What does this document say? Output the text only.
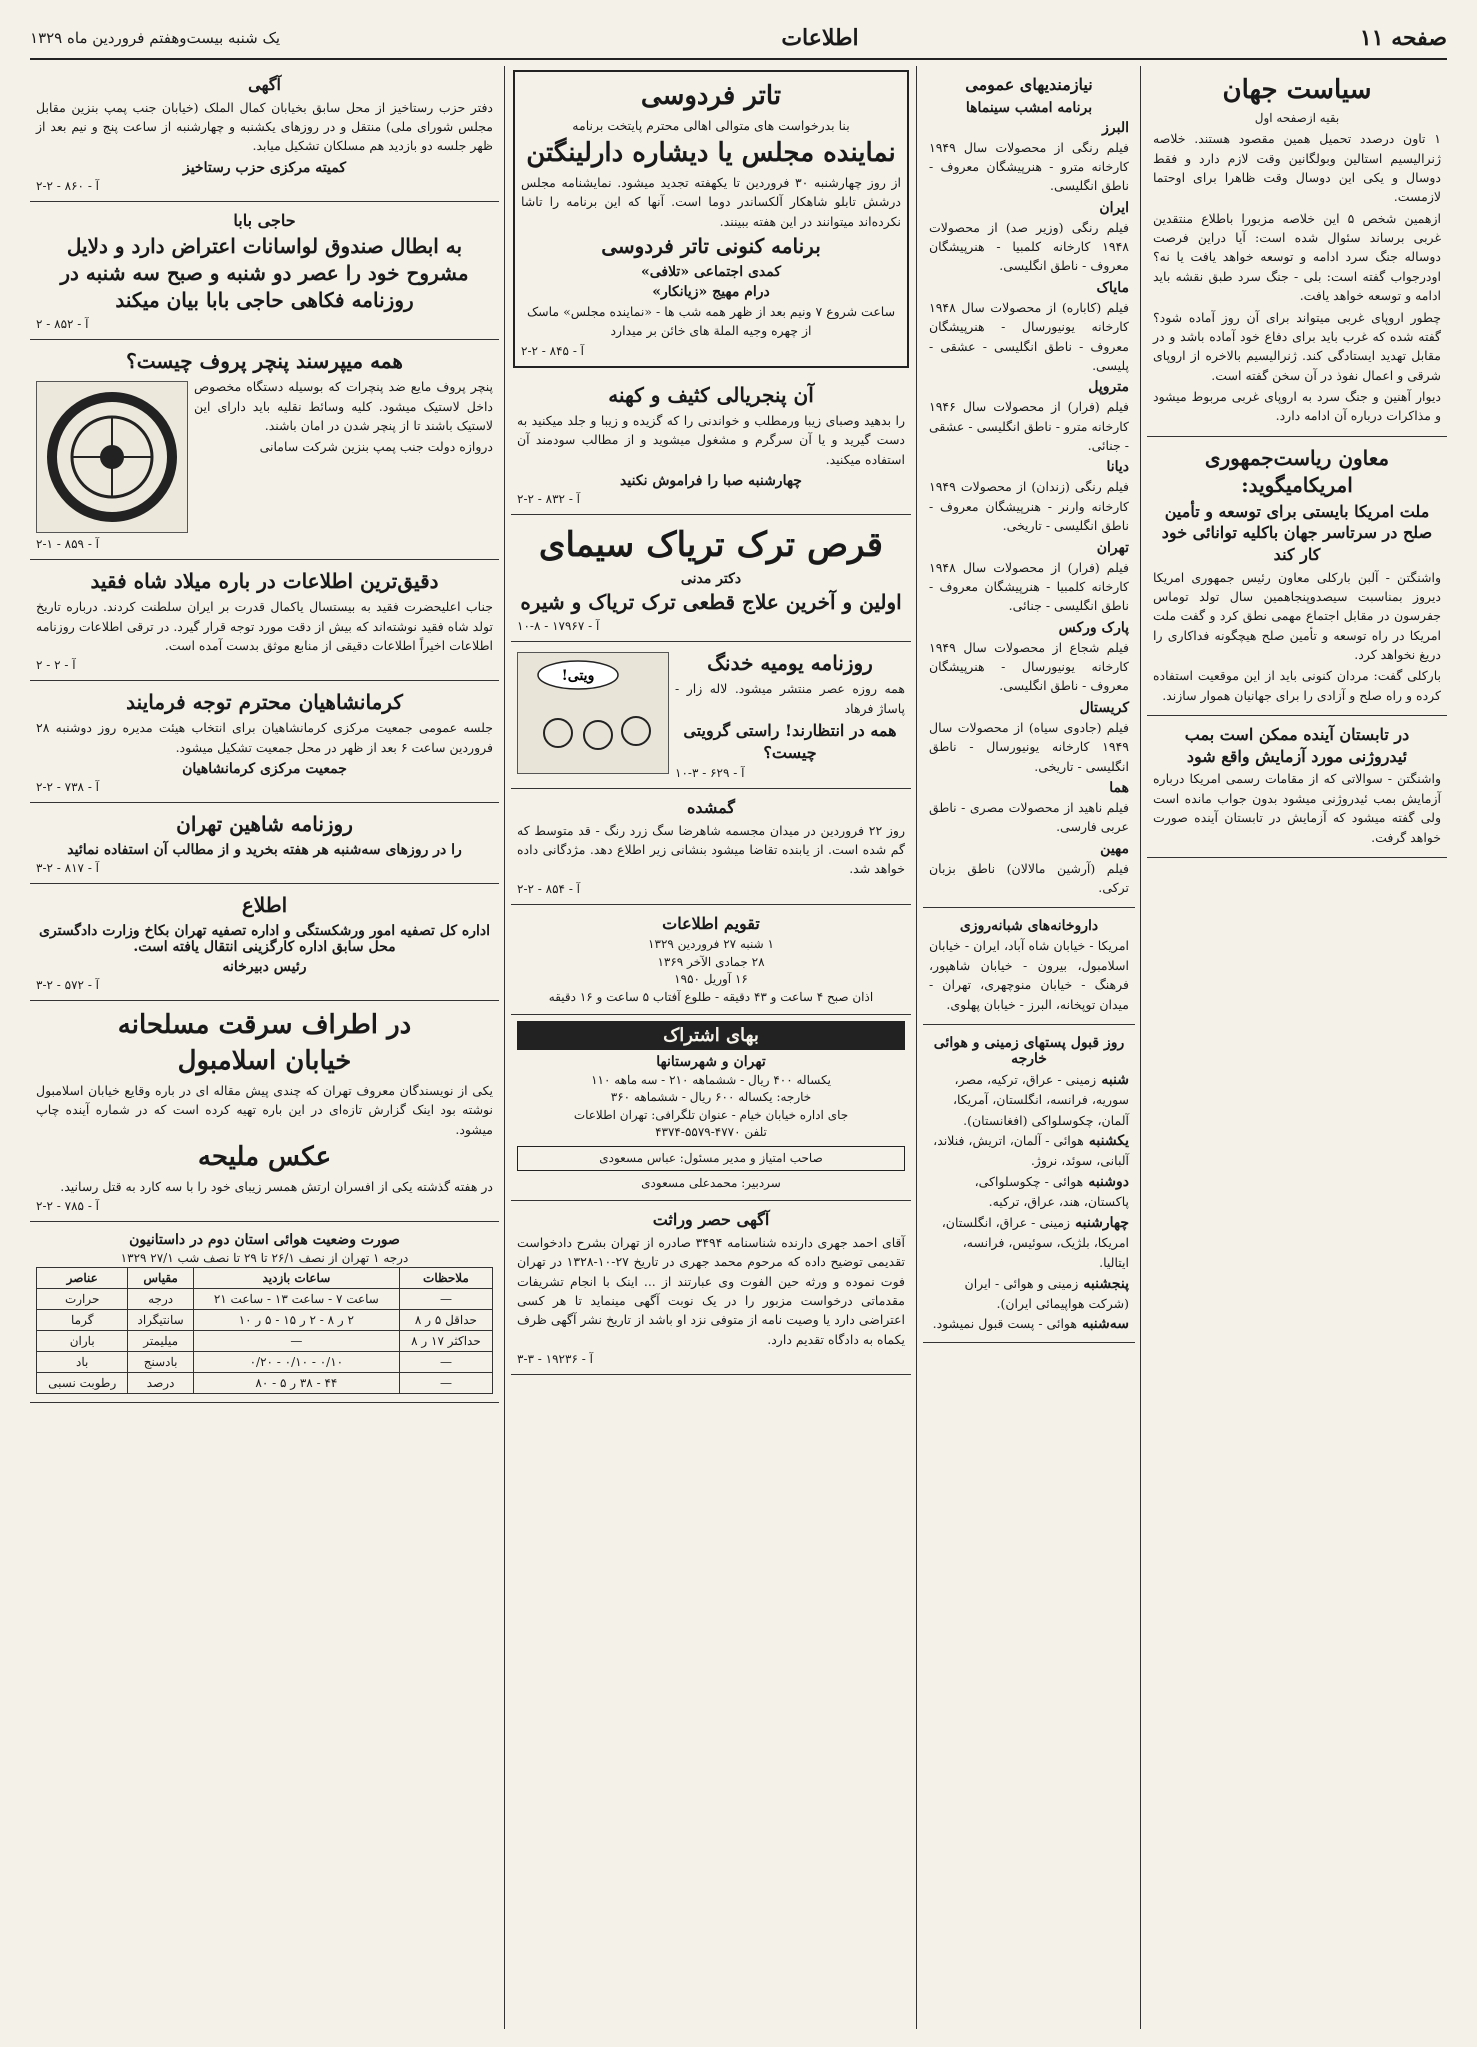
صفحه ۱۱
اطلاعات
یک شنبه بیست‌وهفتم فروردین ماه ۱۳۲۹
سیاست جهان
بقیه ازصفحه اول

۱ تاون درصدد تحمیل همین مقصود هستند. خلاصه ژنرالیسیم استالین وبولگانین وقت لازم دارد و فقط دوسال و یکی این دوسال وقت ظاهرا برای اوحتما لازمست.

ازهمین شخص ۵ این خلاصه مزبورا باطلاع منتقدین غربی برساند سئوال شده است: آیا دراین فرصت دوساله جنگ سرد ادامه و توسعه خواهد یافت یا نه؟ اودرجواب گفته است: بلی - جنگ سرد طبق نقشه باید ادامه و توسعه خواهد یافت.

چطور اروپای غربی میتواند برای آن روز آماده شود؟ گفته شده که غرب باید برای دفاع خود آماده باشد و در مقابل تهدید ایستادگی کند. ژنرالیسیم بالاخره از اروپای شرقی و اعمال نفوذ در آن سخن گفته است.

دیوار آهنین و جنگ سرد به اروپای غربی مربوط میشود و مذاکرات درباره آن ادامه دارد.

معاون ریاست‌جمهوری امریکامیگوید:
ملت امریکا بایستی برای توسعه و تأمین صلح در سرتاسر جهان باکلیه توانائی خود کار کند

واشنگتن - آلبن بارکلی معاون رئیس جمهوری امریکا دیروز بمناسبت سیصدوپنجاهمین سال تولد توماس جفرسون در مقابل اجتماع مهمی نطق کرد و گفت ملت امریکا در راه توسعه و تأمین صلح هیچگونه فداکاری را دریغ نخواهد کرد.

بارکلی گفت: مردان کنونی باید از این موقعیت استفاده کرده و راه صلح و آزادی را برای جهانیان هموار سازند.

در تابستان آینده ممکن است بمب ئیدروژنی مورد آزمایش واقع شود

واشنگتن - سوالاتی که از مقامات رسمی امریکا درباره آزمایش بمب ئیدروژنی میشود بدون جواب مانده است ولی گفته میشود که آزمایش در تابستان آینده صورت خواهد گرفت.

نیازمندیهای عمومی
برنامه امشب سینماها
البرز
فیلم‌ رنگی از محصولات سال ۱۹۴۹ کارخانه مترو - هنرپیشگان معروف - ناطق انگلیسی.
ایران
فیلم رنگی (وزیر صد) از محصولات ۱۹۴۸ کارخانه کلمبیا - هنرپیشگان معروف - ناطق انگلیسی.
مایاک
فیلم (کاباره) از محصولات سال ۱۹۴۸ کارخانه یونیورسال - هنرپیشگان معروف - ناطق انگلیسی - عشقی - پلیسی.
متروپل
فیلم (فرار) از محصولات سال ۱۹۴۶ کارخانه مترو - ناطق انگلیسی - عشقی - جنائی.
دیانا
فیلم رنگی (زندان) از محصولات ۱۹۴۹ کارخانه وارنر - هنرپیشگان معروف - ناطق انگلیسی - تاریخی.
تهران
فیلم (فرار) از محصولات سال ۱۹۴۸ کارخانه کلمبیا - هنرپیشگان معروف - ناطق انگلیسی - جنائی.
پارک ورکس
فیلم شجاع از محصولات سال ۱۹۴۹ کارخانه یونیورسال - هنرپیشگان معروف - ناطق انگلیسی.
کریستال
فیلم (جادوی سیاه) از محصولات سال ۱۹۴۹ کارخانه یونیورسال - ناطق انگلیسی - تاریخی.
هما
فیلم ناهید از محصولات مصری - ناطق عربی فارسی.
مهین
فیلم (آرشین مالالان) ناطق بزبان ترکی.
داروخانه‌های شبانه‌روزی
امریکا - خیابان شاه آباد، ایران - خیابان اسلامبول، بیرون - خیابان شاهپور، فرهنگ - خیابان منوچهری، تهران - میدان توپخانه، البرز - خیابان پهلوی.
روز قبول پستهای زمینی و هوائی خارجه
شنبه زمینی - عراق، ترکیه، مصر، سوریه، فرانسه، انگلستان، آمریکا، آلمان، چکوسلواکی (افغانستان).
یکشنبه هوائی - آلمان، اتریش، فنلاند، آلبانی، سوئد، نروژ.
دوشنبه هوائی - چکوسلواکی، پاکستان، هند، عراق، ترکیه.
چهارشنبه زمینی - عراق، انگلستان، امریکا، بلژیک، سوئیس، فرانسه، ایتالیا.
پنجشنبه زمینی و هوائی - ایران (شرکت هواپیمائی ایران).
سه‌شنبه هوائی - پست قبول نمیشود.
تاتر فردوسی
بنا بدرخواست های متوالی اهالی محترم پایتخت برنامه
نماینده مجلس یا دیشاره دارلینگتن
از روز چهارشنبه ۳۰ فروردین تا یکهفته تجدید میشود. نمایشنامه مجلس درشش تابلو شاهکار آلکساندر دوما است. آنها که این برنامه را تاشا نکرده‌اند میتوانند در این هفته ببینند.
برنامه کنونی تاتر فردوسی
کمدی اجتماعی «تلافی»
درام مهیج «زیانکار»
ساعت شروع ۷ ونیم بعد از ظهر همه شب ها - «نماینده مجلس» ماسک از چهره وجیه الملة های خائن بر میدارد
آ - ۸۴۵ - ۲-۲
آن پنجریالی کثیف و کهنه
را بدهید وصبای زیبا ورمطلب و خواندنی را که گزیده و زیبا و جلد میکنید به دست گیرید و یا آن سرگرم و مشغول میشوید و از مطالب سودمند آن استفاده میکنید.
چهارشنبه صبا را فراموش نکنید
آ - ۸۳۲ - ۲-۲
قرص ترک تریاک سیمای
دکتر مدنی
اولین و آخرین علاج قطعی ترک تریاک و شیره
آ - ۱۷۹۶۷ - ۸-۱۰
ویتی!
روزنامه یومیه خدنگ
همه روزه عصر منتشر میشود. لاله زار - پاساژ فرهاد
همه در انتظارند! راستی گرویتی چیست؟
آ - ۶۲۹ - ۳-۱۰
گمشده
روز ۲۲ فروردین در میدان مجسمه شاهرضا سگ زرد رنگ - قد متوسط که گم شده است. از یابنده تقاضا میشود بنشانی زیر اطلاع دهد. مژدگانی داده خواهد شد.
آ - ۸۵۴ - ۲-۲
تقویم اطلاعات
۱ شنبه ۲۷ فروردین ۱۳۲۹
۲۸ جمادی الآخر ۱۳۶۹
۱۶ آوریل ۱۹۵۰
اذان صبح ۴ ساعت و ۴۳ دقیقه - طلوع آفتاب ۵ ساعت و ۱۶ دقیقه
بهای اشتراک
تهران و شهرستانها
یکساله ۴۰۰ ریال - ششماهه ۲۱۰ - سه ماهه ۱۱۰
خارجه: یکساله ۶۰۰ ریال - ششماهه ۳۶۰
جای اداره خیابان خیام - عنوان تلگرافی: تهران اطلاعات
تلفن ۴۷۷۰-۵۵۷۹-۴۳۷۴
صاحب امتیاز و مدیر مسئول: عباس مسعودی
سردبیر: محمدعلی مسعودی
آگهی حصر وراثت
آقای احمد جهری دارنده شناسنامه ۳۴۹۴ صادره از تهران بشرح دادخواست تقدیمی توضیح داده که مرحوم محمد جهری در تاریخ ۲۷-۱۰-۱۳۲۸ در تهران فوت نموده و ورثه حین الفوت وی عبارتند از ... اینک با انجام تشریفات مقدماتی درخواست مزبور را در یک نوبت آگهی مینماید تا هر کسی اعتراضی دارد یا وصیت نامه از متوفی نزد او باشد از تاریخ نشر آگهی ظرف یکماه به دادگاه تقدیم دارد.
آ - ۱۹۲۳۶ - ۳-۳
آگهی
دفتر حزب رستاخیز از محل سابق بخیابان کمال الملک (خیابان جنب پمپ بنزین مقابل مجلس شورای ملی) منتقل و در روزهای یکشنبه و چهارشنبه از ساعت پنج و نیم بعد از ظهر جلسه دو بازدید هم مسلکان تشکیل میابد.
کمیته مرکزی حزب رستاخیز
آ - ۸۶۰ - ۲-۲
حاجی بابا
به ابطال صندوق لواسانات اعتراض دارد و دلایل مشروح خود را عصر دو شنبه و صبح سه شنبه در روزنامه فکاهی حاجی بابا بیان میکند
آ - ۸۵۲ - ۲
همه میپرسند پنچر پروف چیست؟
پنچر پروف مایع ضد پنچرات که بوسیله دستگاه مخصوص داخل لاستیک میشود. کلیه وسائط نقلیه باید دارای این لاستیک باشند تا از پنچر شدن در امان باشند.
دروازه دولت جنب پمپ بنزین شرکت سامانی
آ - ۸۵۹ - ۱-۲
دقیق‌ترین اطلاعات در باره میلاد شاه فقید
جناب اعلیحضرت فقید به بیستسال یاکمال قدرت بر ایران سلطنت کردند. درباره تاریخ تولد شاه فقید نوشته‌اند که بیش از دقت مورد توجه قرار گیرد. در ترقی اطلاعات روزنامه اطلاعات اخیراً اطلاعات دقیقی از منابع موثق بدست آمده است.
آ - ۲ - ۲
کرمانشاهیان محترم توجه فرمایند
جلسه عمومی جمعیت مرکزی کرمانشاهیان برای انتخاب هیئت مدیره روز دوشنبه ۲۸ فروردین ساعت ۶ بعد از ظهر در محل جمعیت تشکیل میشود.
جمعیت مرکزی کرمانشاهیان
آ - ۷۳۸ - ۲-۲
روزنامه شاهین تهران
را در روزهای سه‌شنبه هر هفته بخرید و از مطالب آن استفاده نمائید
آ - ۸۱۷ - ۲-۳
اطلاع
اداره کل تصفیه امور ورشکستگی و اداره تصفیه تهران بکاخ وزارت دادگستری محل سابق اداره کارگزینی انتقال یافته است.
رئیس دبیرخانه
آ - ۵۷۲ - ۲-۳
در اطراف سرقت مسلحانه
خیابان اسلامبول
یکی از نویسندگان معروف تهران که چندی پیش مقاله ای در باره وقایع خیابان اسلامبول نوشته بود اینک گزارش تازه‌ای در این باره تهیه کرده است که در شماره آینده چاپ میشود.
عکس ملیحه
در هفته گذشته یکی از افسران ارتش همسر زیبای خود را با سه کارد به قتل رسانید.
آ - ۷۸۵ - ۲-۲
صورت وضعیت هوائی استان دوم در داستانیون
درجه ۱ تهران از نصف ۲۶/۱ تا ۲۹ تا نصف شب ۲۷/۱ ۱۳۲۹
ملاحظات	ساعات بازدید	مقیاس	عناصر
—	ساعت ۷ - ساعت ۱۳ - ساعت ۲۱	درجه	حرارت
حداقل ۵ ر ۸	۲ ر ۸ - ۲ ر ۱۵ - ۵ ر ۱۰	سانتیگراد	گرما
حداکثر ۱۷ ر ۸	—	میلیمتر	باران
—	۰/۱۰ - ۰/۱۰ - ۰/۲۰	بادسنج	باد
—	۴۴ - ۳۸ ر ۵ - ۸۰	درصد	رطوبت نسبی
